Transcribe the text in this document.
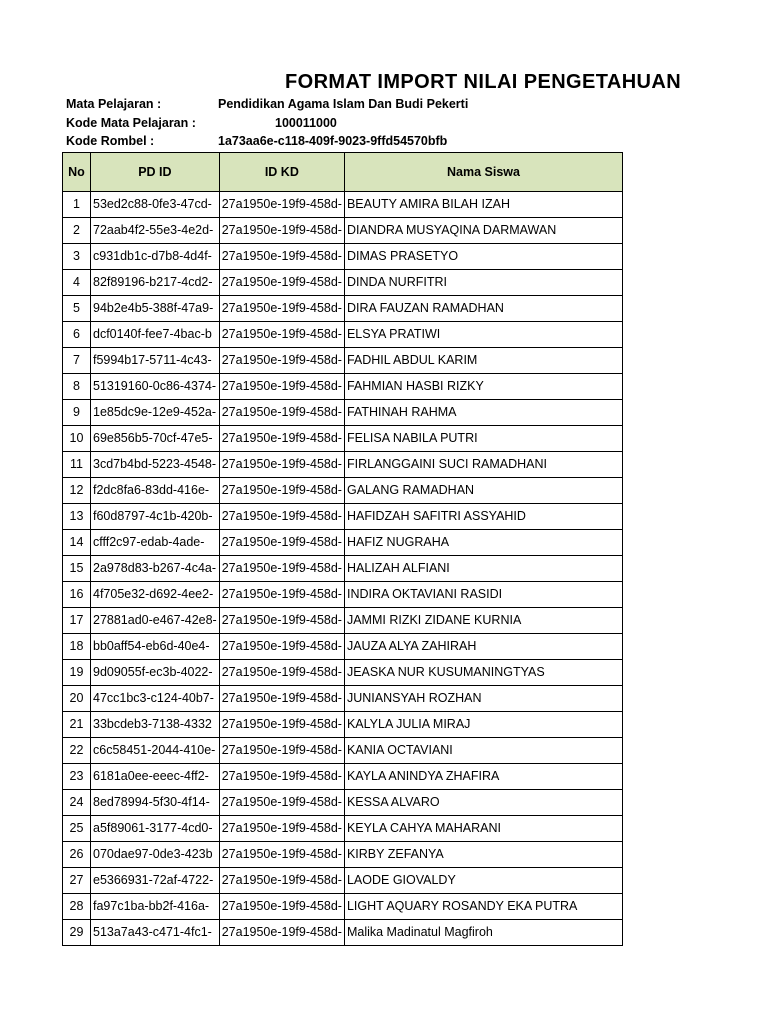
FORMAT IMPORT NILAI PENGETAHUAN
Mata Pelajaran :	Pendidikan Agama Islam Dan Budi Pekerti
Kode Mata Pelajaran :	100011000
Kode Rombel :	1a73aa6e-c118-409f-9023-9ffd54570bfb
No	PD ID	ID KD	Nama Siswa
1	53ed2c88-0fe3-47cd-	27a1950e-19f9-458d-	BEAUTY AMIRA BILAH IZAH
2	72aab4f2-55e3-4e2d-	27a1950e-19f9-458d-	DIANDRA MUSYAQINA DARMAWAN
3	c931db1c-d7b8-4d4f-	27a1950e-19f9-458d-	DIMAS PRASETYO
4	82f89196-b217-4cd2-	27a1950e-19f9-458d-	DINDA NURFITRI
5	94b2e4b5-388f-47a9-	27a1950e-19f9-458d-	DIRA FAUZAN RAMADHAN
6	dcf0140f-fee7-4bac-b	27a1950e-19f9-458d-	ELSYA PRATIWI
7	f5994b17-5711-4c43-	27a1950e-19f9-458d-	FADHIL ABDUL KARIM
8	51319160-0c86-4374-	27a1950e-19f9-458d-	FAHMIAN HASBI RIZKY
9	1e85dc9e-12e9-452a-	27a1950e-19f9-458d-	FATHINAH RAHMA
10	69e856b5-70cf-47e5-	27a1950e-19f9-458d-	FELISA NABILA PUTRI
11	3cd7b4bd-5223-4548-	27a1950e-19f9-458d-	FIRLANGGAINI SUCI RAMADHANI
12	f2dc8fa6-83dd-416e-	27a1950e-19f9-458d-	GALANG RAMADHAN
13	f60d8797-4c1b-420b-	27a1950e-19f9-458d-	HAFIDZAH SAFITRI ASSYAHID
14	cfff2c97-edab-4ade-	27a1950e-19f9-458d-	HAFIZ NUGRAHA
15	2a978d83-b267-4c4a-	27a1950e-19f9-458d-	HALIZAH ALFIANI
16	4f705e32-d692-4ee2-	27a1950e-19f9-458d-	INDIRA OKTAVIANI RASIDI
17	27881ad0-e467-42e8-	27a1950e-19f9-458d-	JAMMI RIZKI ZIDANE KURNIA
18	bb0aff54-eb6d-40e4-	27a1950e-19f9-458d-	JAUZA ALYA ZAHIRAH
19	9d09055f-ec3b-4022-	27a1950e-19f9-458d-	JEASKA NUR KUSUMANINGTYAS
20	47cc1bc3-c124-40b7-	27a1950e-19f9-458d-	JUNIANSYAH ROZHAN
21	33bcdeb3-7138-4332	27a1950e-19f9-458d-	KALYLA JULIA MIRAJ
22	c6c58451-2044-410e-	27a1950e-19f9-458d-	KANIA OCTAVIANI
23	6181a0ee-eeec-4ff2-	27a1950e-19f9-458d-	KAYLA ANINDYA ZHAFIRA
24	8ed78994-5f30-4f14-	27a1950e-19f9-458d-	KESSA ALVARO
25	a5f89061-3177-4cd0-	27a1950e-19f9-458d-	KEYLA CAHYA MAHARANI
26	070dae97-0de3-423b	27a1950e-19f9-458d-	KIRBY ZEFANYA
27	e5366931-72af-4722-	27a1950e-19f9-458d-	LAODE GIOVALDY
28	fa97c1ba-bb2f-416a-	27a1950e-19f9-458d-	LIGHT AQUARY ROSANDY EKA PUTRA
29	513a7a43-c471-4fc1-	27a1950e-19f9-458d-	Malika Madinatul Magfiroh
